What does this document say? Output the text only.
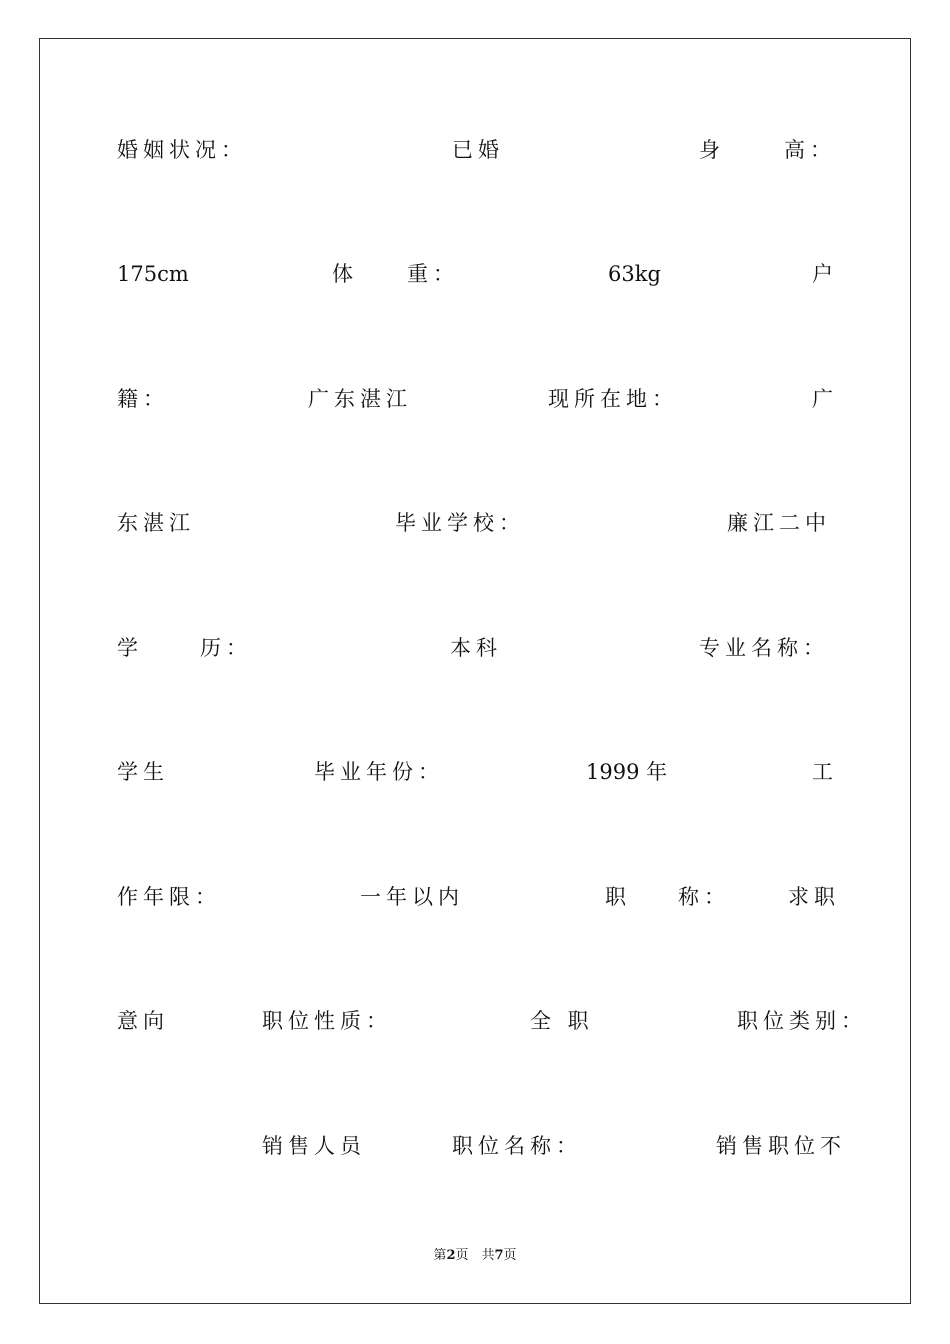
婚姻状况：	已婚	身	高：
175cm	体 重：	63kg	户
籍：	广东湛江	现所在地：	广
东湛江	毕业学校：	廉江二中
学	历：	本科	专业名称：
学生	毕业年份：	1999 年	工
作年限：	一年以内	职 称：	求职
意向	职位性质：	全 职	职位类别：
销售人员	职位名称：	销售职位不
第2页　共7页
